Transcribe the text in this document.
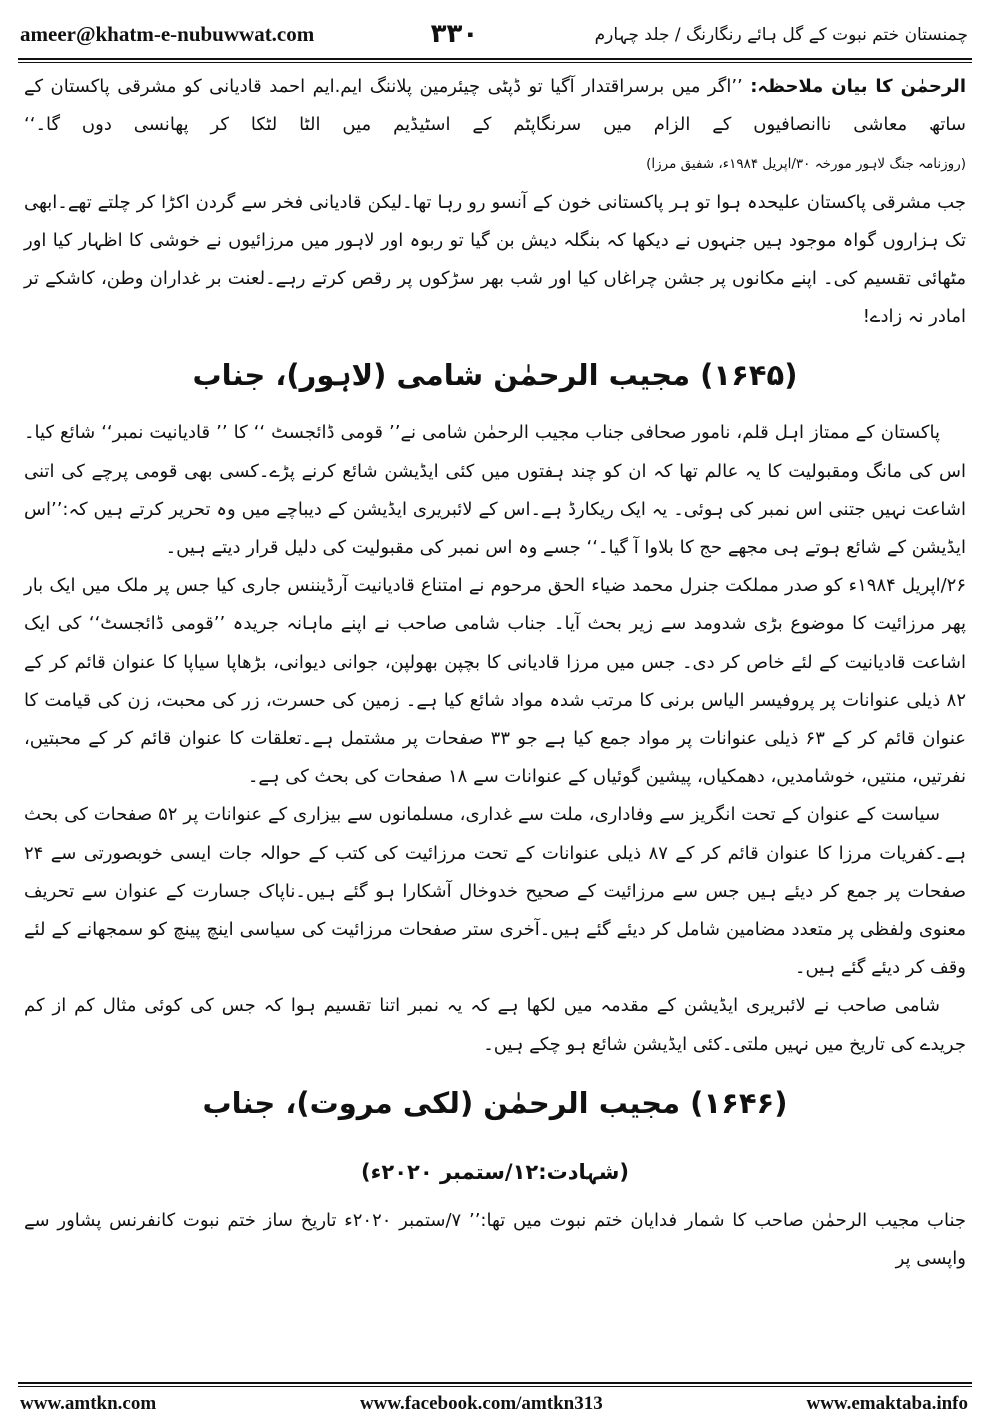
ameer@khatm-e-nubuwwat.com	۳۳۰	چمنستان ختم نبوت کے گل ہائے رنگارنگ / جلد چہارم

الرحمٰن کا بیان ملاحظہ: ’’اگر میں برسراقتدار آگیا تو ڈپٹی چیئرمین پلاننگ ایم.ایم احمد قادیانی کو مشرقی پاکستان کے ساتھ معاشی ناانصافیوں کے الزام میں سرنگاپٹم کے اسٹیڈیم میں الٹا لٹکا کر پھانسی دوں گا۔‘‘ (روزنامہ جنگ لاہور مورخہ ۳۰/اپریل ۱۹۸۴ء، شفیق مرزا)

جب مشرقی پاکستان علیحدہ ہوا تو ہر پاکستانی خون کے آنسو رو رہا تھا۔لیکن قادیانی فخر سے گردن اکڑا کر چلتے تھے۔ابھی تک ہزاروں گواہ موجود ہیں جنہوں نے دیکھا کہ بنگلہ دیش بن گیا تو ربوہ اور لاہور میں مرزائیوں نے خوشی کا اظہار کیا اور مٹھائی تقسیم کی۔ اپنے مکانوں پر جشن چراغاں کیا اور شب بھر سڑکوں پر رقص کرتے رہے۔لعنت بر غداران وطن، کاشکے تر امادر نہ زادے!

(۱۶۴۵) مجیب الرحمٰن شامی (لاہور)، جناب

پاکستان کے ممتاز اہل قلم، نامور صحافی جناب مجیب الرحمٰن شامی نے’’ قومی ڈائجسٹ ‘‘ کا ’’ قادیانیت نمبر‘‘ شائع کیا۔اس کی مانگ ومقبولیت کا یہ عالم تھا کہ ان کو چند ہفتوں میں کئی ایڈیشن شائع کرنے پڑے۔کسی بھی قومی پرچے کی اتنی اشاعت نہیں جتنی اس نمبر کی ہوئی۔ یہ ایک ریکارڈ ہے۔اس کے لائبریری ایڈیشن کے دیباچے میں وہ تحریر کرتے ہیں کہ:’’اس ایڈیشن کے شائع ہوتے ہی مجھے حج کا بلاوا آ گیا۔‘‘ جسے وہ اس نمبر کی مقبولیت کی دلیل قرار دیتے ہیں۔

۲۶/اپریل ۱۹۸۴ء کو صدر مملکت جنرل محمد ضیاء الحق مرحوم نے امتناع قادیانیت آرڈیننس جاری کیا جس پر ملک میں ایک بار پھر مرزائیت کا موضوع بڑی شدومد سے زیر بحث آیا۔ جناب شامی صاحب نے اپنے ماہانہ جریدہ ’’قومی ڈائجسٹ‘‘ کی ایک اشاعت قادیانیت کے لئے خاص کر دی۔ جس میں مرزا قادیانی کا بچپن بھولپن، جوانی دیوانی، بڑھاپا سیاپا کا عنوان قائم کر کے ۸۲ ذیلی عنوانات پر پروفیسر الیاس برنی کا مرتب شدہ مواد شائع کیا ہے۔ زمین کی حسرت، زر کی محبت، زن کی قیامت کا عنوان قائم کر کے ۶۳ ذیلی عنوانات پر مواد جمع کیا ہے جو ۳۳ صفحات پر مشتمل ہے۔تعلقات کا عنوان قائم کر کے محبتیں، نفرتیں، منتیں، خوشامدیں، دھمکیاں، پیشین گوئیاں کے عنوانات سے ۱۸ صفحات کی بحث کی ہے۔

سیاست کے عنوان کے تحت انگریز سے وفاداری، ملت سے غداری، مسلمانوں سے بیزاری کے عنوانات پر ۵۲ صفحات کی بحث ہے۔کفریات مرزا کا عنوان قائم کر کے ۸۷ ذیلی عنوانات کے تحت مرزائیت کی کتب کے حوالہ جات ایسی خوبصورتی سے ۲۴ صفحات پر جمع کر دیئے ہیں جس سے مرزائیت کے صحیح خدوخال آشکارا ہو گئے ہیں۔ناپاک جسارت کے عنوان سے تحریف معنوی ولفظی پر متعدد مضامین شامل کر دیئے گئے ہیں۔آخری ستر صفحات مرزائیت کی سیاسی اینچ پینچ کو سمجھانے کے لئے وقف کر دیئے گئے ہیں۔

شامی صاحب نے لائبریری ایڈیشن کے مقدمہ میں لکھا ہے کہ یہ نمبر اتنا تقسیم ہوا کہ جس کی کوئی مثال کم از کم جریدے کی تاریخ میں نہیں ملتی۔کئی ایڈیشن شائع ہو چکے ہیں۔

(۱۶۴۶) مجیب الرحمٰن (لکی مروت)، جناب
(شہادت:۱۲/ستمبر ۲۰۲۰ء)

جناب مجیب الرحمٰن صاحب کا شمار فدایان ختم نبوت میں تھا:’’ ۷/ستمبر ۲۰۲۰ء تاریخ ساز ختم نبوت کانفرنس پشاور سے واپسی پر

www.amtkn.com	www.facebook.com/amtkn313	www.emaktaba.info
